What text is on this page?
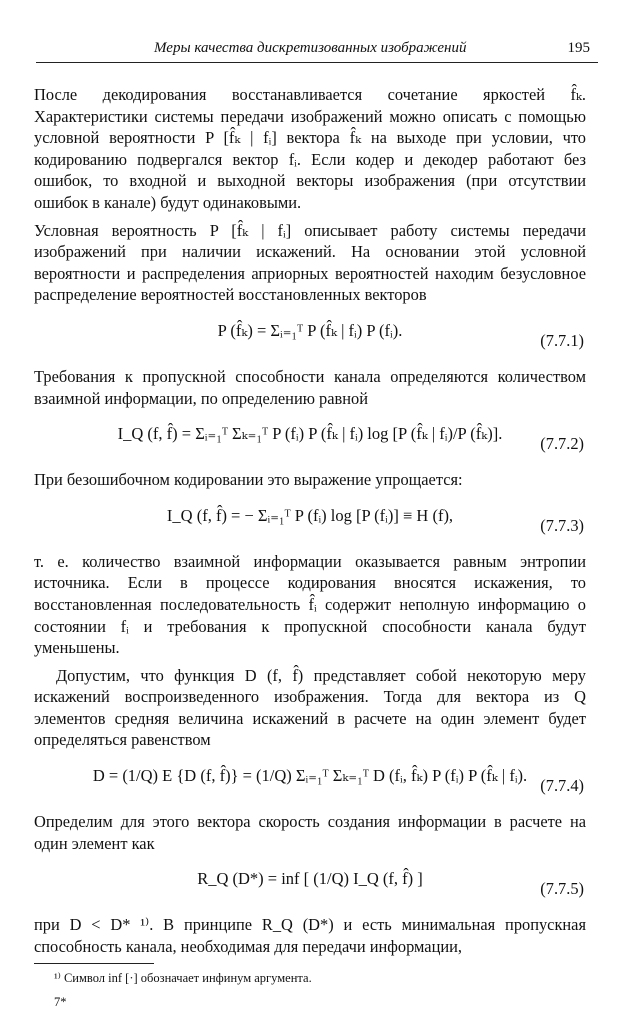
Меры качества дискретизованных изображений	195

После декодирования восстанавливается сочетание яркостей f̂ₖ. Характеристики системы передачи изображений можно описать с помощью условной вероятности P [f̂ₖ | fᵢ] вектора f̂ₖ на выходе при условии, что кодированию подвергался вектор fᵢ. Если кодер и декодер работают без ошибок, то входной и выходной векторы изображения (при отсутствии ошибок в канале) будут одинаковыми.

Условная вероятность P [f̂ₖ | fᵢ] описывает работу системы передачи изображений при наличии искажений. На основании этой условной вероятности и распределения априорных вероятностей находим безусловное распределение вероятностей восстановленных векторов

P (f̂ₖ) = Σᵢ₌₁ᵀ P (f̂ₖ | fᵢ) P (fᵢ).
(7.7.1)

Требования к пропускной способности канала определяются количеством взаимной информации, по определению равной

I_Q (f, f̂) = Σᵢ₌₁ᵀ Σₖ₌₁ᵀ P (fᵢ) P (f̂ₖ | fᵢ) log [P (f̂ₖ | fᵢ)/P (f̂ₖ)].
(7.7.2)

При безошибочном кодировании это выражение упрощается:

I_Q (f, f̂) = − Σᵢ₌₁ᵀ P (fᵢ) log [P (fᵢ)] ≡ H (f),
(7.7.3)

т. е. количество взаимной информации оказывается равным энтропии источника. Если в процессе кодирования вносятся искажения, то восстановленная последовательность f̂ᵢ содержит неполную информацию о состоянии fᵢ и требования к пропускной способности канала будут уменьшены.

Допустим, что функция D (f, f̂) представляет собой некоторую меру искажений воспроизведенного изображения. Тогда для вектора из Q элементов средняя величина искажений в расчете на один элемент будет определяться равенством

D = (1/Q) E {D (f, f̂)} = (1/Q) Σᵢ₌₁ᵀ Σₖ₌₁ᵀ D (fᵢ, f̂ₖ) P (fᵢ) P (f̂ₖ | fᵢ).
(7.7.4)

Определим для этого вектора скорость создания информации в расчете на один элемент как

R_Q (D*) = inf [ (1/Q) I_Q (f, f̂) ]
(7.7.5)

при D < D* ¹⁾. В принципе R_Q (D*) и есть минимальная пропускная способность канала, необходимая для передачи информации,

¹⁾ Символ inf [·] обозначает инфинум аргумента.

7*
